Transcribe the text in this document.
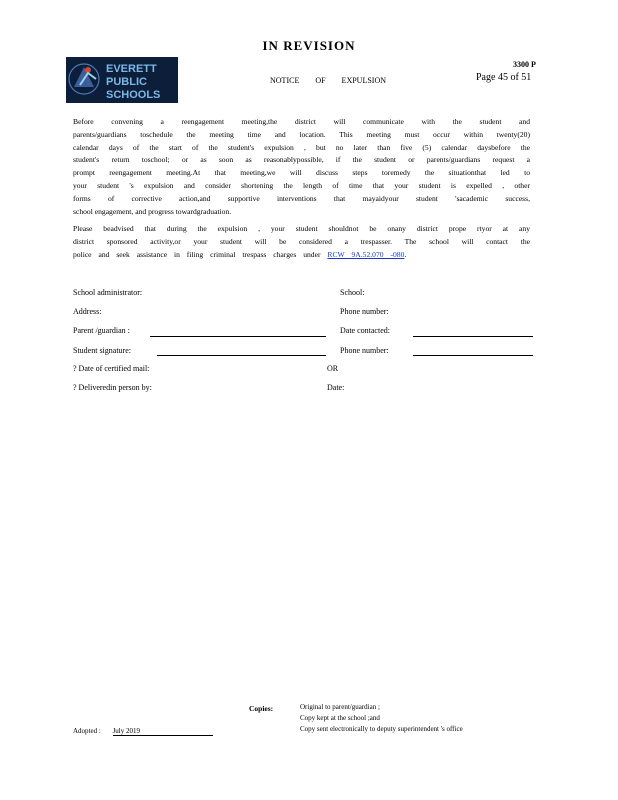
IN REVISION
EVERETT
PUBLIC
SCHOOLS
3300 P
Page 45 of 51
NOTICE OF EXPULSION
Before convening a reengagement meeting,the district will communicate with the student and
parents/guardians toschedule the meeting time and location. This meeting must occur within twenty(20)
calendar days of the start of the student's expulsion , but no later than five (5) calendar daysbefore the
student's return toschool; or as soon as reasonablypossible, if the student or parents/guardians request a
prompt reengagement meeting.At that meeting,we will discuss steps toremedy the situationthat led to
your student 's expulsion and consider shortening the length of time that your student is expelled , other
forms of corrective action,and supportive interventions that mayaidyour student 'sacademic success,
school engagement, and progress towardgraduation.
Please beadvised that during the expulsion , your student shouldnot be onany district prope rtyor at any
district sponsored activity,or your student will be considered a trespasser. The school will contact the
police and seek assistance in filing criminal trespass charges under RCW 9A.52.070 -080.
School administrator:	School:
Address:	Phone number:
Parent /guardian :	Date contacted:
Student signature:	Phone number:
? Date of certified mail:	OR
? Deliveredin person by:	Date:
Copies:	Original to parent/guardian ;
Copy kept at the school ;and
Copy sent electronically to deputy superintendent 's office
Adopted : July 2019
